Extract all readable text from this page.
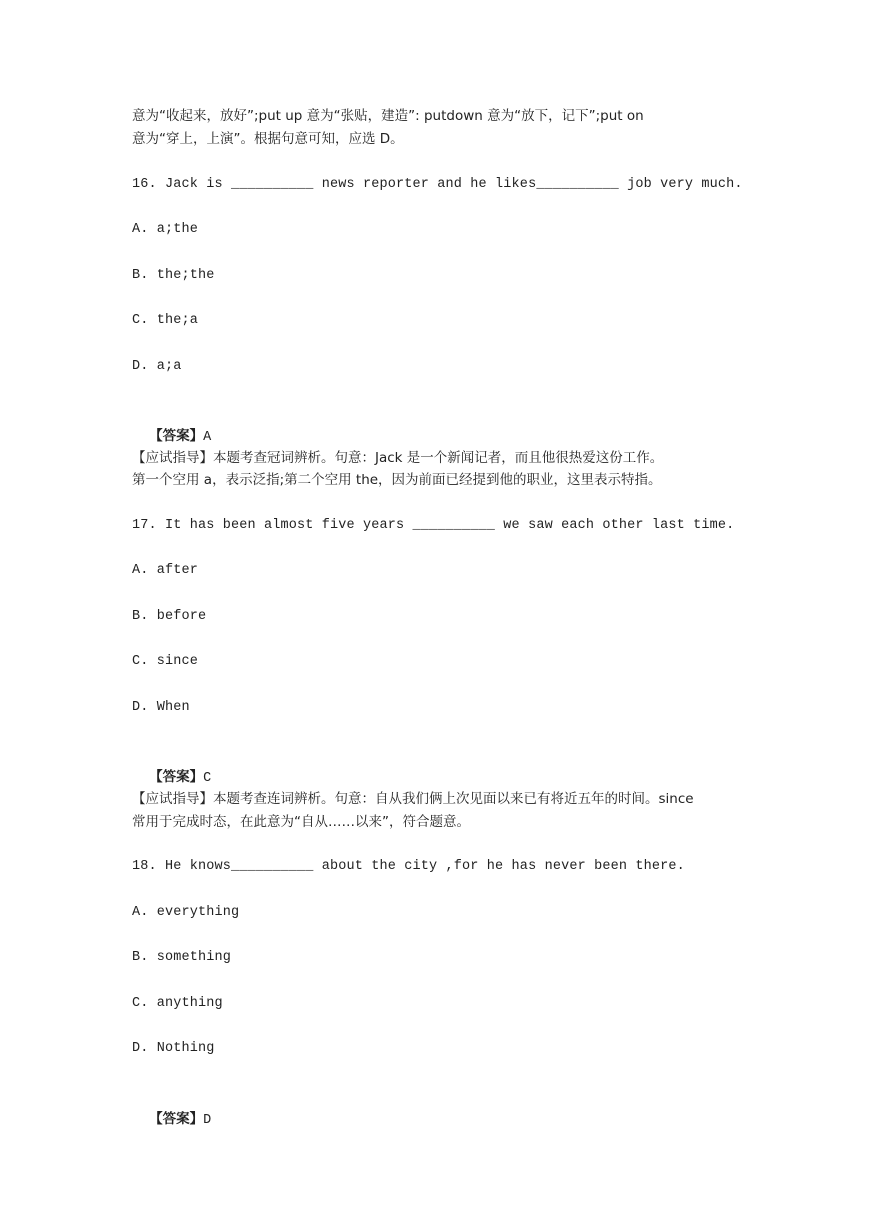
意为“收起来，放好”;put up 意为“张贴，建造”: putdown 意为“放下，记下”;put on
意为“穿上，上演”。根据句意可知，应选 D。
16. Jack is __________ news reporter and he likes__________ job very much.
A. a;the
B. the;the
C. the;a
D. a;a

【答案】A

【应试指导】本题考查冠词辨析。句意：Jack 是一个新闻记者，而且他很热爱这份工作。
第一个空用 a，表示泛指;第二个空用 the，因为前面已经提到他的职业，这里表示特指。
17. It has been almost five years __________ we saw each other last time.
A. after
B. before
C. since
D. When

【答案】C

【应试指导】本题考查连词辨析。句意：自从我们俩上次见面以来已有将近五年的时间。since
常用于完成时态，在此意为“自从……以来”，符合题意。
18. He knows__________ about the city ,for he has never been there.
A. everything
B. something
C. anything
D. Nothing

【答案】D
